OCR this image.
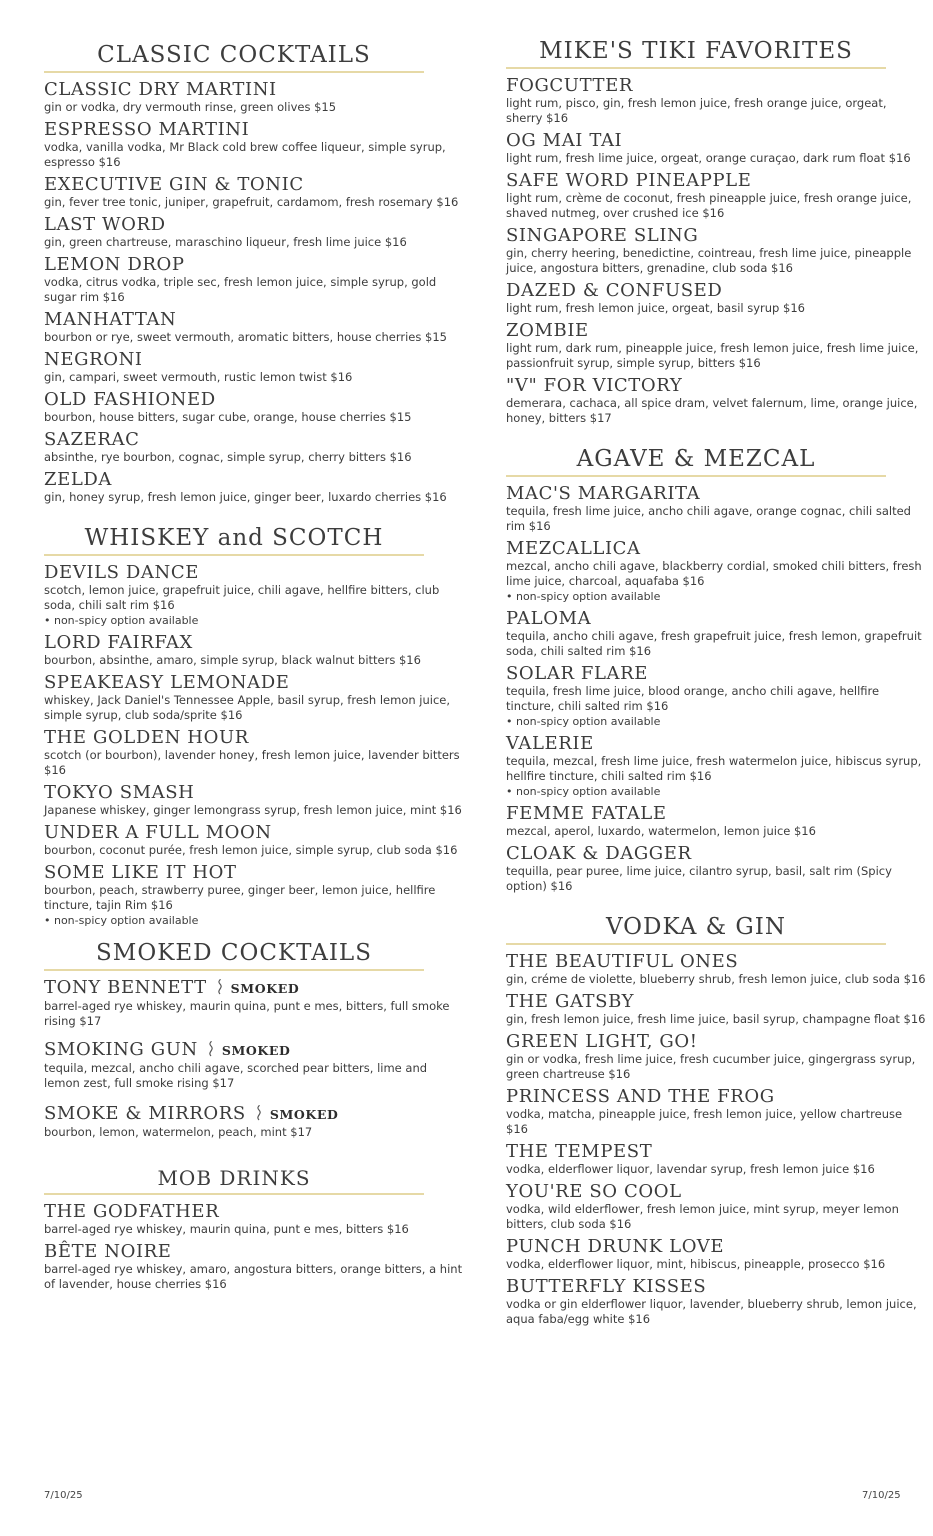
CLASSIC COCKTAILS
CLASSIC DRY MARTINI
gin or vodka, dry vermouth rinse, green olives $15
ESPRESSO MARTINI
vodka, vanilla vodka, Mr Black cold brew coffee liqueur, simple syrup, espresso $16
EXECUTIVE GIN & TONIC
gin, fever tree tonic, juniper, grapefruit, cardamom, fresh rosemary $16
LAST WORD
gin, green chartreuse, maraschino liqueur, fresh lime juice $16
LEMON DROP
vodka, citrus vodka, triple sec, fresh lemon juice, simple syrup, gold sugar rim $16
MANHATTAN
bourbon or rye, sweet vermouth, aromatic bitters, house cherries $15
NEGRONI
gin, campari, sweet vermouth, rustic lemon twist $16
OLD FASHIONED
bourbon, house bitters, sugar cube, orange, house cherries $15
SAZERAC
absinthe, rye bourbon, cognac, simple syrup, cherry bitters $16
ZELDA
gin, honey syrup, fresh lemon juice, ginger beer, luxardo cherries $16
WHISKEY and SCOTCH
DEVILS DANCE
scotch, lemon juice, grapefruit juice, chili agave, hellfire bitters, club soda, chili salt rim $16
• non-spicy option available
LORD FAIRFAX
bourbon, absinthe, amaro, simple syrup, black walnut bitters $16
SPEAKEASY LEMONADE
whiskey, Jack Daniel's Tennessee Apple, basil syrup, fresh lemon juice, simple syrup, club soda/sprite $16
THE GOLDEN HOUR
scotch (or bourbon), lavender honey, fresh lemon juice, lavender bitters $16
TOKYO SMASH
Japanese whiskey, ginger lemongrass syrup, fresh lemon juice, mint $16
UNDER A FULL MOON
bourbon, coconut purée, fresh lemon juice, simple syrup, club soda $16
SOME LIKE IT HOT
bourbon, peach, strawberry puree, ginger beer, lemon juice, hellfire tincture, tajin Rim $16
• non-spicy option available
SMOKED COCKTAILS
TONY BENNETT SMOKED
barrel-aged rye whiskey, maurin quina, punt e mes, bitters, full smoke rising $17
SMOKING GUN SMOKED
tequila, mezcal, ancho chili agave, scorched pear bitters, lime and lemon zest, full smoke rising $17
SMOKE & MIRRORS SMOKED
bourbon, lemon, watermelon, peach, mint $17
MOB DRINKS
THE GODFATHER
barrel-aged rye whiskey, maurin quina, punt e mes, bitters $16
BÊTE NOIRE
barrel-aged rye whiskey, amaro, angostura bitters, orange bitters, a hint of lavender, house cherries $16
MIKE'S TIKI FAVORITES
FOGCUTTER
light rum, pisco, gin, fresh lemon juice, fresh orange juice, orgeat, sherry $16
OG MAI TAI
light rum, fresh lime juice, orgeat, orange curaçao, dark rum float $16
SAFE WORD PINEAPPLE
light rum, crème de coconut, fresh pineapple juice, fresh orange juice, shaved nutmeg, over crushed ice $16
SINGAPORE SLING
gin, cherry heering, benedictine, cointreau, fresh lime juice, pineapple juice, angostura bitters, grenadine, club soda $16
DAZED & CONFUSED
light rum, fresh lemon juice, orgeat, basil syrup $16
ZOMBIE
light rum, dark rum, pineapple juice, fresh lemon juice, fresh lime juice, passionfruit syrup, simple syrup, bitters $16
"V" FOR VICTORY
demerara, cachaca, all spice dram, velvet falernum, lime, orange juice, honey, bitters $17
AGAVE & MEZCAL
MAC'S MARGARITA
tequila, fresh lime juice, ancho chili agave, orange cognac, chili salted rim $16
MEZCALLICA
mezcal, ancho chili agave, blackberry cordial, smoked chili bitters, fresh lime juice, charcoal, aquafaba $16
• non-spicy option available
PALOMA
tequila, ancho chili agave, fresh grapefruit juice, fresh lemon, grapefruit soda, chili salted rim $16
SOLAR FLARE
tequila, fresh lime juice, blood orange, ancho chili agave, hellfire tincture, chili salted rim $16
• non-spicy option available
VALERIE
tequila, mezcal, fresh lime juice, fresh watermelon juice, hibiscus syrup, hellfire tincture, chili salted rim $16
• non-spicy option available
FEMME FATALE
mezcal, aperol, luxardo, watermelon, lemon juice $16
CLOAK & DAGGER
tequilla, pear puree, lime juice, cilantro syrup, basil, salt rim (Spicy option) $16
VODKA & GIN
THE BEAUTIFUL ONES
gin, créme de violette, blueberry shrub, fresh lemon juice, club soda $16
THE GATSBY
gin, fresh lemon juice, fresh lime juice, basil syrup, champagne float $16
GREEN LIGHT, GO!
gin or vodka, fresh lime juice, fresh cucumber juice, gingergrass syrup, green chartreuse $16
PRINCESS AND THE FROG
vodka, matcha, pineapple juice, fresh lemon juice, yellow chartreuse $16
THE TEMPEST
vodka, elderflower liquor, lavendar syrup, fresh lemon juice $16
YOU'RE SO COOL
vodka, wild elderflower, fresh lemon juice, mint syrup, meyer lemon bitters, club soda $16
PUNCH DRUNK LOVE
vodka, elderflower liquor, mint, hibiscus, pineapple, prosecco $16
BUTTERFLY KISSES
vodka or gin elderflower liquor, lavender, blueberry shrub, lemon juice, aqua faba/egg white $16
7/10/25	7/10/25
